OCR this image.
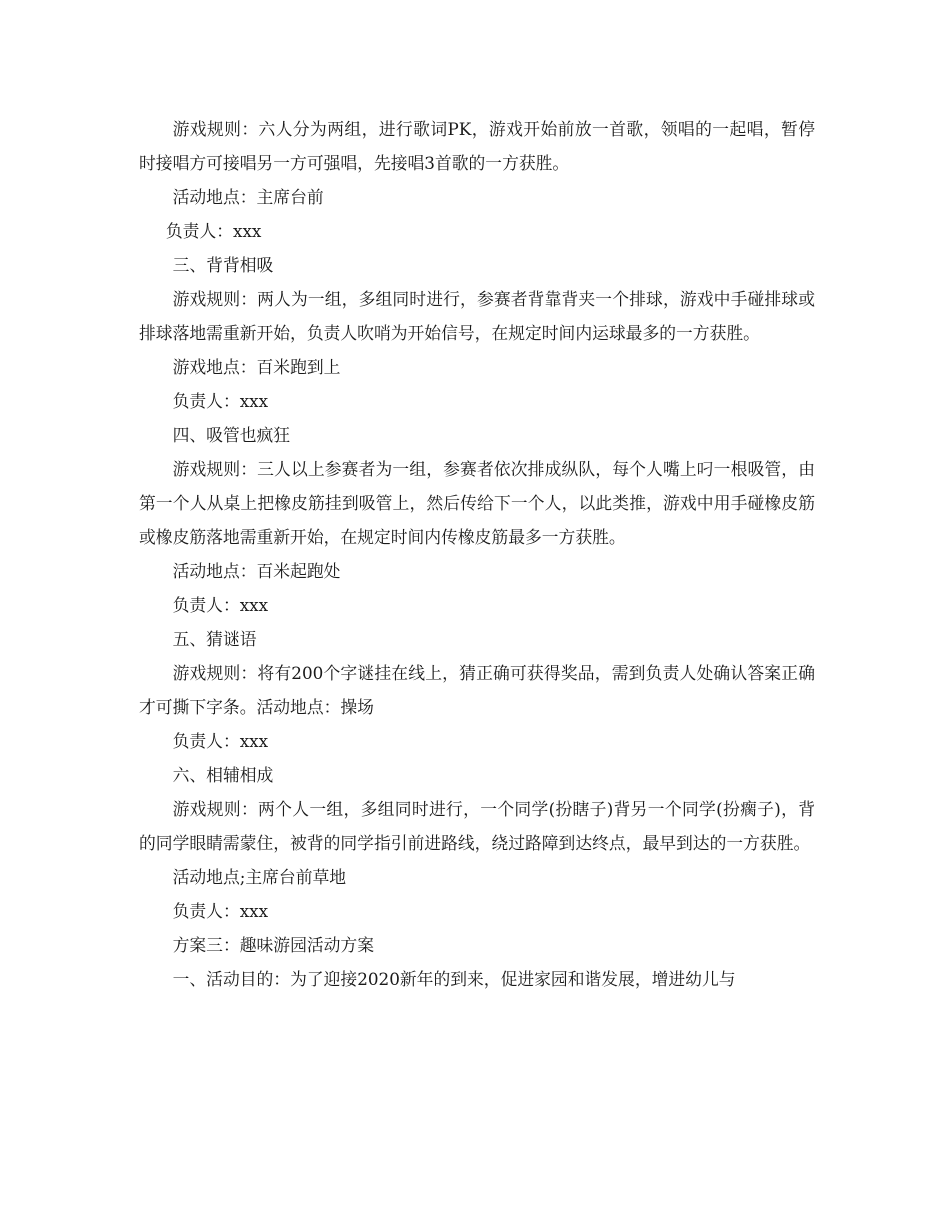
游戏规则：六人分为两组，进行歌词PK，游戏开始前放一首歌，领唱的一起唱，暂停时接唱方可接唱另一方可强唱，先接唱3首歌的一方获胜。

活动地点：主席台前

负责人：xxx

三、背背相吸

游戏规则：两人为一组，多组同时进行，参赛者背靠背夹一个排球，游戏中手碰排球或排球落地需重新开始，负责人吹哨为开始信号，在规定时间内运球最多的一方获胜。

游戏地点：百米跑到上

负责人：xxx

四、吸管也疯狂

游戏规则：三人以上参赛者为一组，参赛者依次排成纵队，每个人嘴上叼一根吸管，由第一个人从桌上把橡皮筋挂到吸管上，然后传给下一个人，以此类推，游戏中用手碰橡皮筋或橡皮筋落地需重新开始，在规定时间内传橡皮筋最多一方获胜。

活动地点：百米起跑处

负责人：xxx

五、猜谜语

游戏规则：将有200个字谜挂在线上，猜正确可获得奖品，需到负责人处确认答案正确才可撕下字条。活动地点：操场

负责人：xxx

六、相辅相成

游戏规则：两个人一组，多组同时进行，一个同学(扮瞎子)背另一个同学(扮瘸子)，背的同学眼睛需蒙住，被背的同学指引前进路线，绕过路障到达终点，最早到达的一方获胜。

活动地点;主席台前草地

负责人：xxx

方案三：趣味游园活动方案

一、活动目的：为了迎接2020新年的到来，促进家园和谐发展，增进幼儿与
